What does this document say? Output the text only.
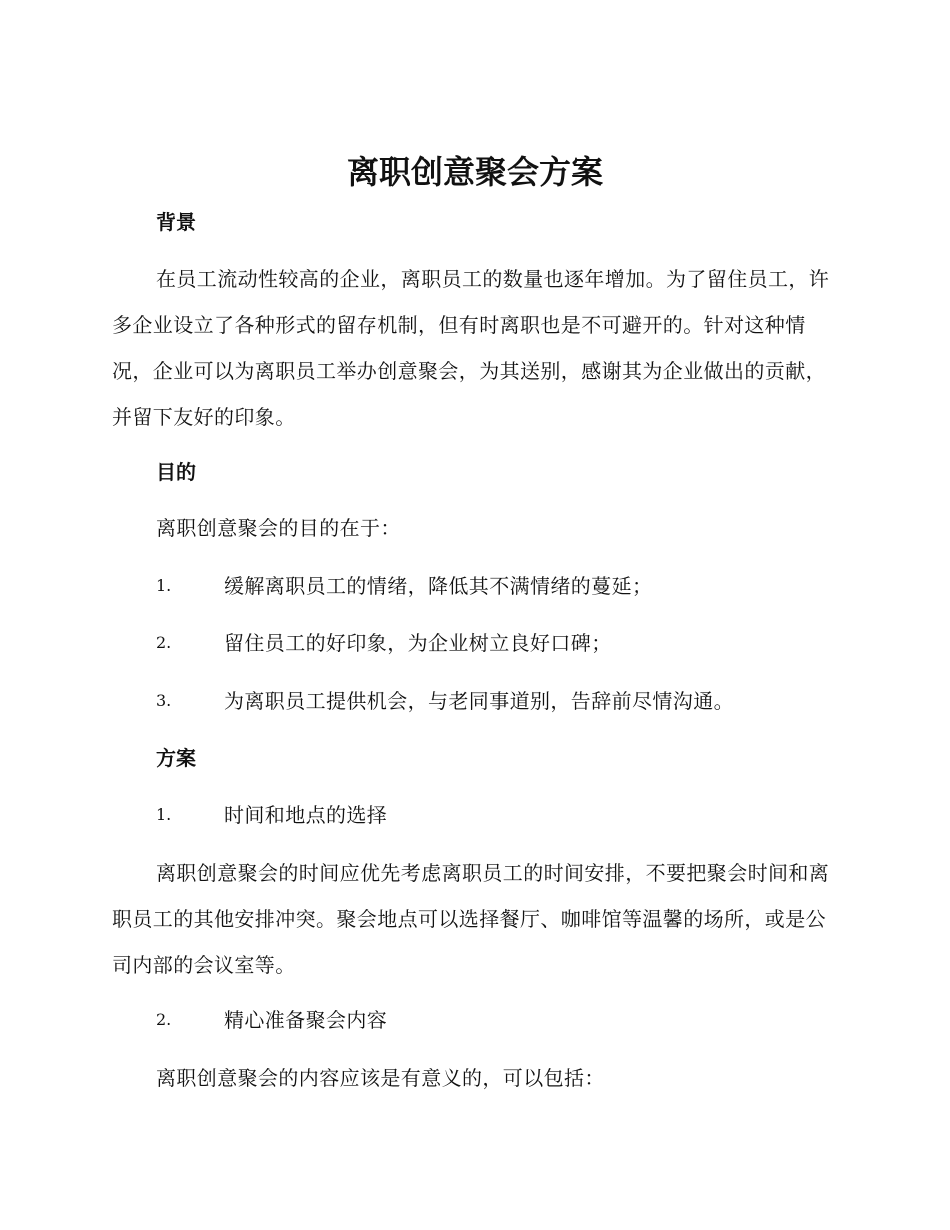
离职创意聚会方案
背景
在员工流动性较高的企业，离职员工的数量也逐年增加。为了留住员工，许多企业设立了各种形式的留存机制，但有时离职也是不可避开的。针对这种情况，企业可以为离职员工举办创意聚会，为其送别，感谢其为企业做出的贡献，并留下友好的印象。
目的
离职创意聚会的目的在于：
1.	缓解离职员工的情绪，降低其不满情绪的蔓延；
2.	留住员工的好印象，为企业树立良好口碑；
3.	为离职员工提供机会，与老同事道别，告辞前尽情沟通。
方案
1.	时间和地点的选择
离职创意聚会的时间应优先考虑离职员工的时间安排，不要把聚会时间和离职员工的其他安排冲突。聚会地点可以选择餐厅、咖啡馆等温馨的场所，或是公司内部的会议室等。
2.	精心准备聚会内容
离职创意聚会的内容应该是有意义的，可以包括：
